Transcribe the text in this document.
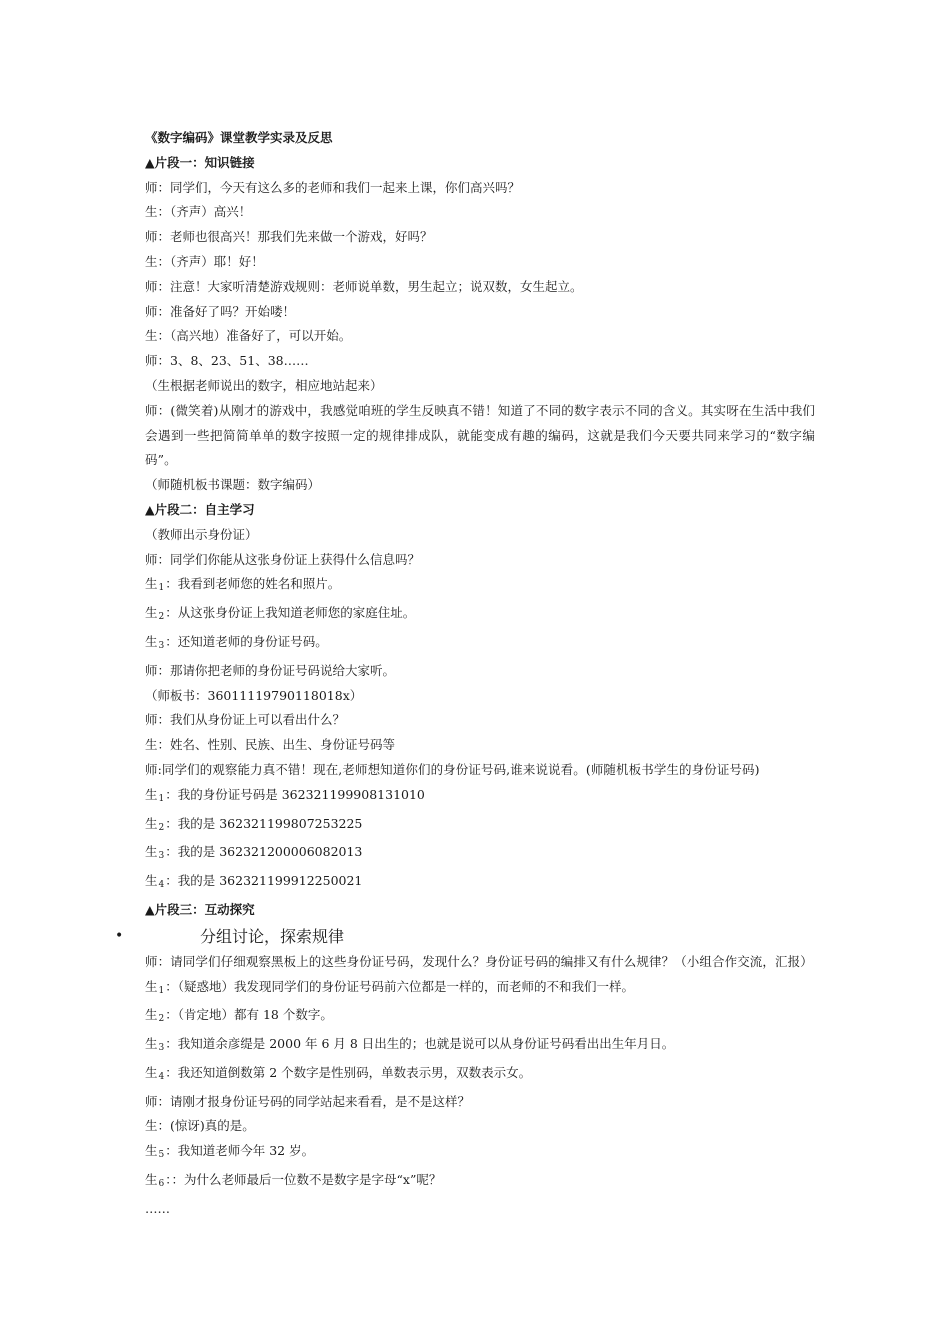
《数字编码》课堂教学实录及反思
▲片段一：知识链接
师：同学们，今天有这么多的老师和我们一起来上课，你们高兴吗？
生：（齐声）高兴！
师：老师也很高兴！那我们先来做一个游戏，好吗？
生：（齐声）耶！好！
师：注意！大家听清楚游戏规则：老师说单数，男生起立；说双数，女生起立。
师：准备好了吗？开始喽！
生：（高兴地）准备好了，可以开始。
师：3、8、23、51、38……
（生根据老师说出的数字，相应地站起来）
师：(微笑着)从刚才的游戏中，我感觉咱班的学生反映真不错！知道了不同的数字表示不同的含义。其实呀在生活中我们会遇到一些把简简单单的数字按照一定的规律排成队，就能变成有趣的编码，这就是我们今天要共同来学习的“数字编码”。
（师随机板书课题：数字编码）
▲片段二：自主学习
（教师出示身份证）
师：同学们你能从这张身份证上获得什么信息吗？
生$_1$：我看到老师您的姓名和照片。
生$_2$：从这张身份证上我知道老师您的家庭住址。
生$_3$：还知道老师的身份证号码。
师：那请你把老师的身份证号码说给大家听。
（师板书：36011119790118018x）
师：我们从身份证上可以看出什么？
生：姓名、性别、民族、出生、身份证号码等
师:同学们的观察能力真不错！现在,老师想知道你们的身份证号码,谁来说说看。(师随机板书学生的身份证号码)
生$_1$：我的身份证号码是 362321199908131010
生$_2$：我的是 362321199807253225
生$_3$：我的是 362321200006082013
生$_4$：我的是 362321199912250021
▲片段三：互动探究
•	分组讨论，探索规律
师：请同学们仔细观察黑板上的这些身份证号码，发现什么？身份证号码的编排又有什么规律？（小组合作交流，汇报）
生$_1$：（疑惑地）我发现同学们的身份证号码前六位都是一样的，而老师的不和我们一样。
生$_2$：（肯定地）都有 18 个数字。
生$_3$：我知道余彦缇是 2000 年 6 月 8 日出生的；也就是说可以从身份证号码看出出生年月日。
生$_4$：我还知道倒数第 2 个数字是性别码，单数表示男，双数表示女。
师：请刚才报身份证号码的同学站起来看看，是不是这样？
生：(惊讶)真的是。
生$_5$：我知道老师今年 32 岁。
生$_6$：：为什么老师最后一位数不是数字是字母“x”呢？
……
